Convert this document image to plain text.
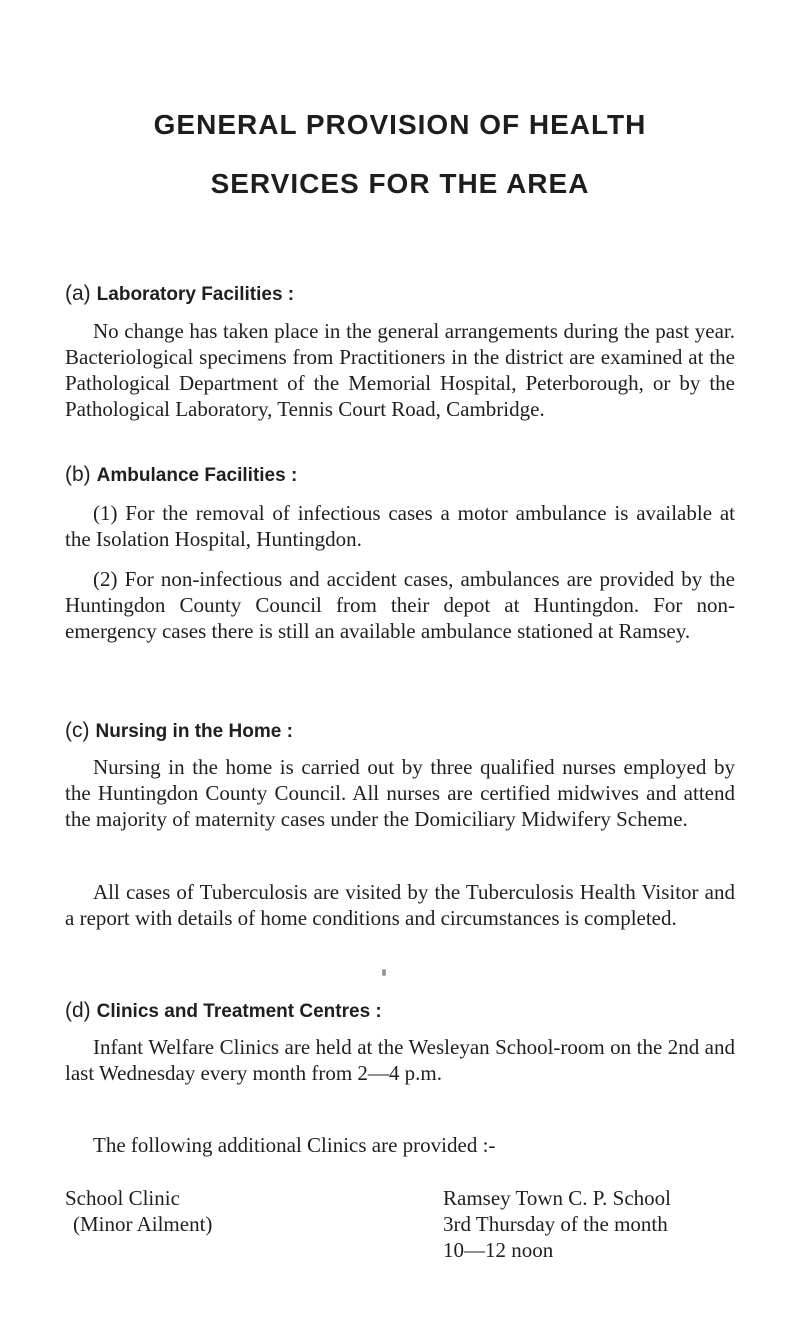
GENERAL PROVISION OF HEALTH
SERVICES FOR THE AREA
(a) Laboratory Facilities :

No change has taken place in the general arrangements during the past year. Bacteriological specimens from Practitioners in the district are examined at the Pathological Department of the Memorial Hospital, Peterborough, or by the Pathological Laboratory, Tennis Court Road, Cambridge.

(b) Ambulance Facilities :

(1) For the removal of infectious cases a motor ambulance is available at the Isolation Hospital, Huntingdon.

(2) For non-infectious and accident cases, ambulances are provided by the Huntingdon County Council from their depot at Huntingdon. For non-emergency cases there is still an available ambulance stationed at Ramsey.

(c) Nursing in the Home :

Nursing in the home is carried out by three qualified nurses employed by the Huntingdon County Council. All nurses are certified midwives and attend the majority of maternity cases under the Domiciliary Midwifery Scheme.

All cases of Tuberculosis are visited by the Tuberculosis Health Visitor and a report with details of home conditions and circumstances is completed.

(d) Clinics and Treatment Centres :

Infant Welfare Clinics are held at the Wesleyan School-room on the 2nd and last Wednesday every month from 2—4 p.m.

The following additional Clinics are provided :-

School Clinic
(Minor Ailment)
Ramsey Town C. P. School
3rd Thursday of the month
10—12 noon
